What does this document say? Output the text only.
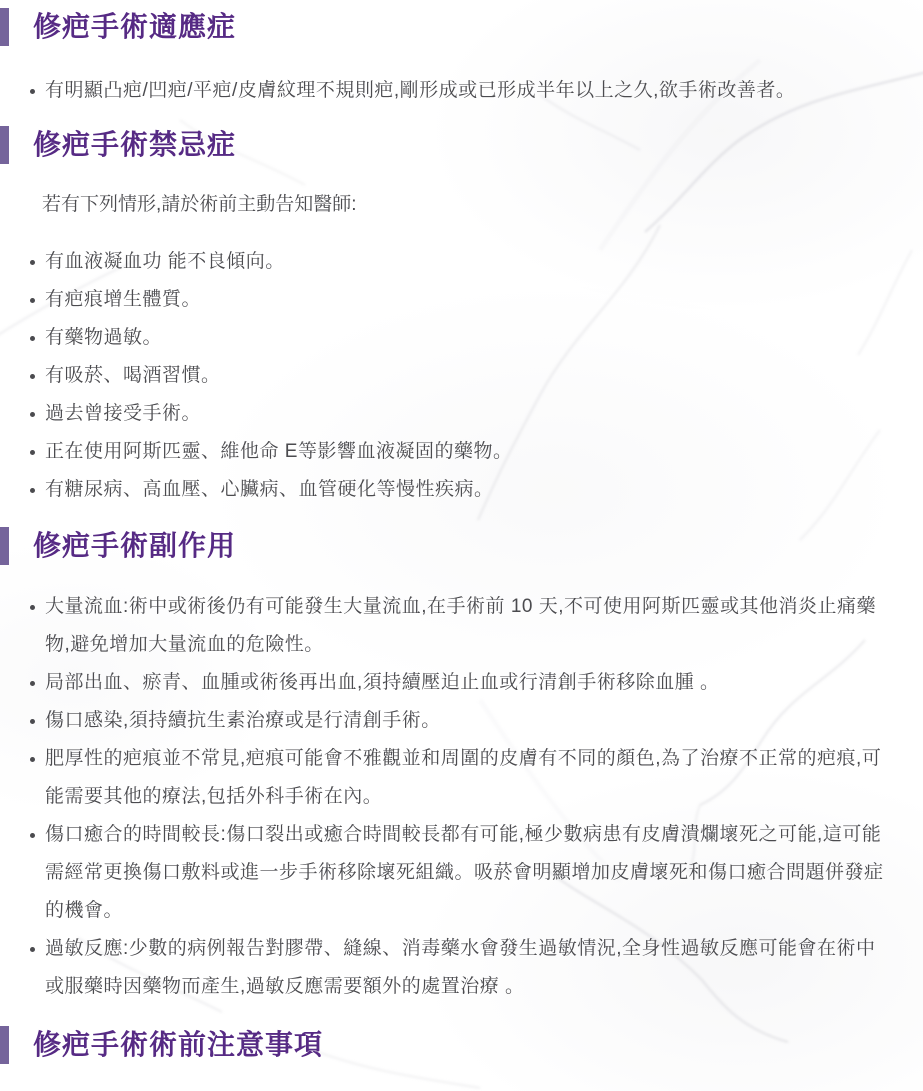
修疤手術適應症
有明顯凸疤/凹疤/平疤/皮膚紋理不規則疤,剛形成或已形成半年以上之久,欲手術改善者。
修疤手術禁忌症

若有下列情形,請於術前主動告知醫師:

有血液凝血功 能不良傾向。
有疤痕增生體質。
有藥物過敏。
有吸菸、喝酒習慣。
過去曾接受手術。
正在使用阿斯匹靈、維他命 E等影響血液凝固的藥物。
有糖尿病、高血壓、心臟病、血管硬化等慢性疾病。
修疤手術副作用
大量流血:術中或術後仍有可能發生大量流血,在手術前 10 天,不可使用阿斯匹靈或其他消炎止痛藥物,避免增加大量流血的危險性。
局部出血、瘀青、血腫或術後再出血,須持續壓迫止血或行清創手術移除血腫 。
傷口感染,須持續抗生素治療或是行清創手術。
肥厚性的疤痕並不常見,疤痕可能會不雅觀並和周圍的皮膚有不同的顏色,為了治療不正常的疤痕,可能需要其他的療法,包括外科手術在內。
傷口癒合的時間較長:傷口裂出或癒合時間較長都有可能,極少數病患有皮膚潰爛壞死之可能,這可能需經常更換傷口敷料或進一步手術移除壞死組織。吸菸會明顯增加皮膚壞死和傷口癒合問題併發症的機會。
過敏反應:少數的病例報告對膠帶、縫線、消毒藥水會發生過敏情況,全身性過敏反應可能會在術中或服藥時因藥物而產生,過敏反應需要額外的處置治療 。
修疤手術術前注意事項
